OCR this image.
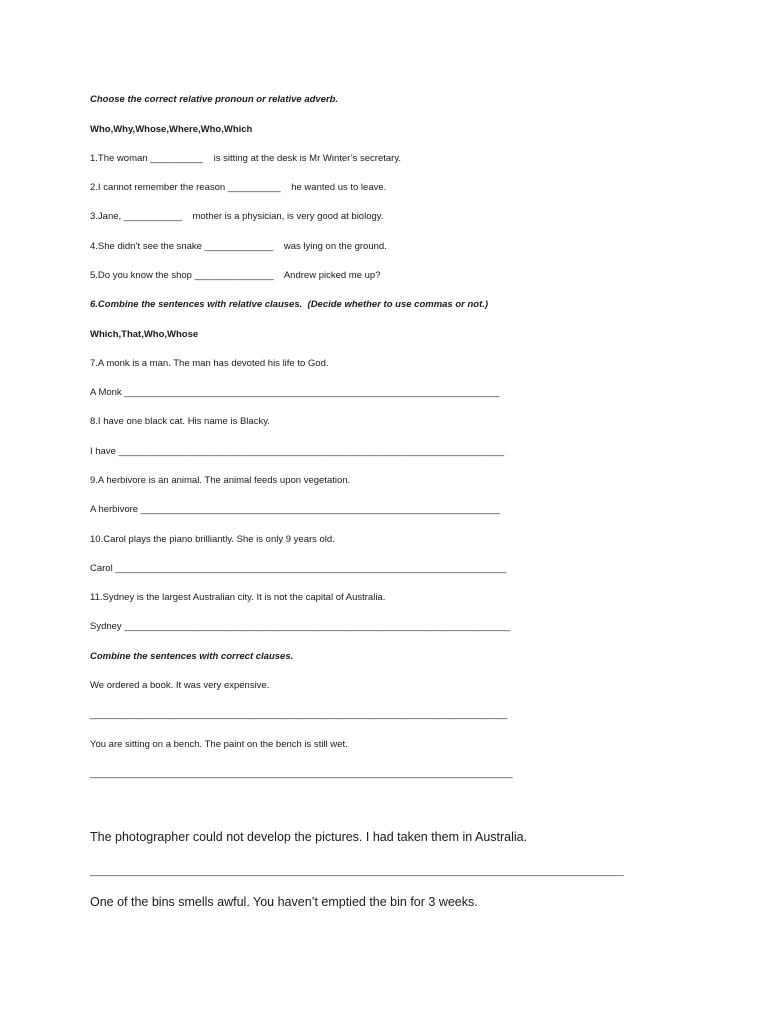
Choose the correct relative pronoun or relative adverb.
Who,Why,Whose,Where,Who,Which
1.The woman __________    is sitting at the desk is Mr Winter’s secretary.
2.I cannot remember the reason __________    he wanted us to leave.
3.Jane, ___________    mother is a physician, is very good at biology.
4.She didn’t see the snake _____________    was lying on the ground.
5.Do you know the shop _______________    Andrew picked me up?
6.Combine the sentences with relative clauses.  (Decide whether to use commas or not.)
Which,That,Who,Whose
7.A monk is a man. The man has devoted his life to God.
A Monk _______________________________________________________________________
8.I have one black cat. His name is Blacky.
I have _________________________________________________________________________
9.A herbivore is an animal. The animal feeds upon vegetation.
A herbivore ____________________________________________________________________
10.Carol plays the piano brilliantly. She is only 9 years old.
Carol __________________________________________________________________________
11.Sydney is the largest Australian city. It is not the capital of Australia.
Sydney _________________________________________________________________________
Combine the sentences with correct clauses.
We ordered a book. It was very expensive.
_______________________________________________________________________________
You are sitting on a bench. The paint on the bench is still wet.
________________________________________________________________________________
The photographer could not develop the pictures. I had taken them in Australia.
_____________________________________________________________________________________________________
One of the bins smells awful. You haven’t emptied the bin for 3 weeks.
